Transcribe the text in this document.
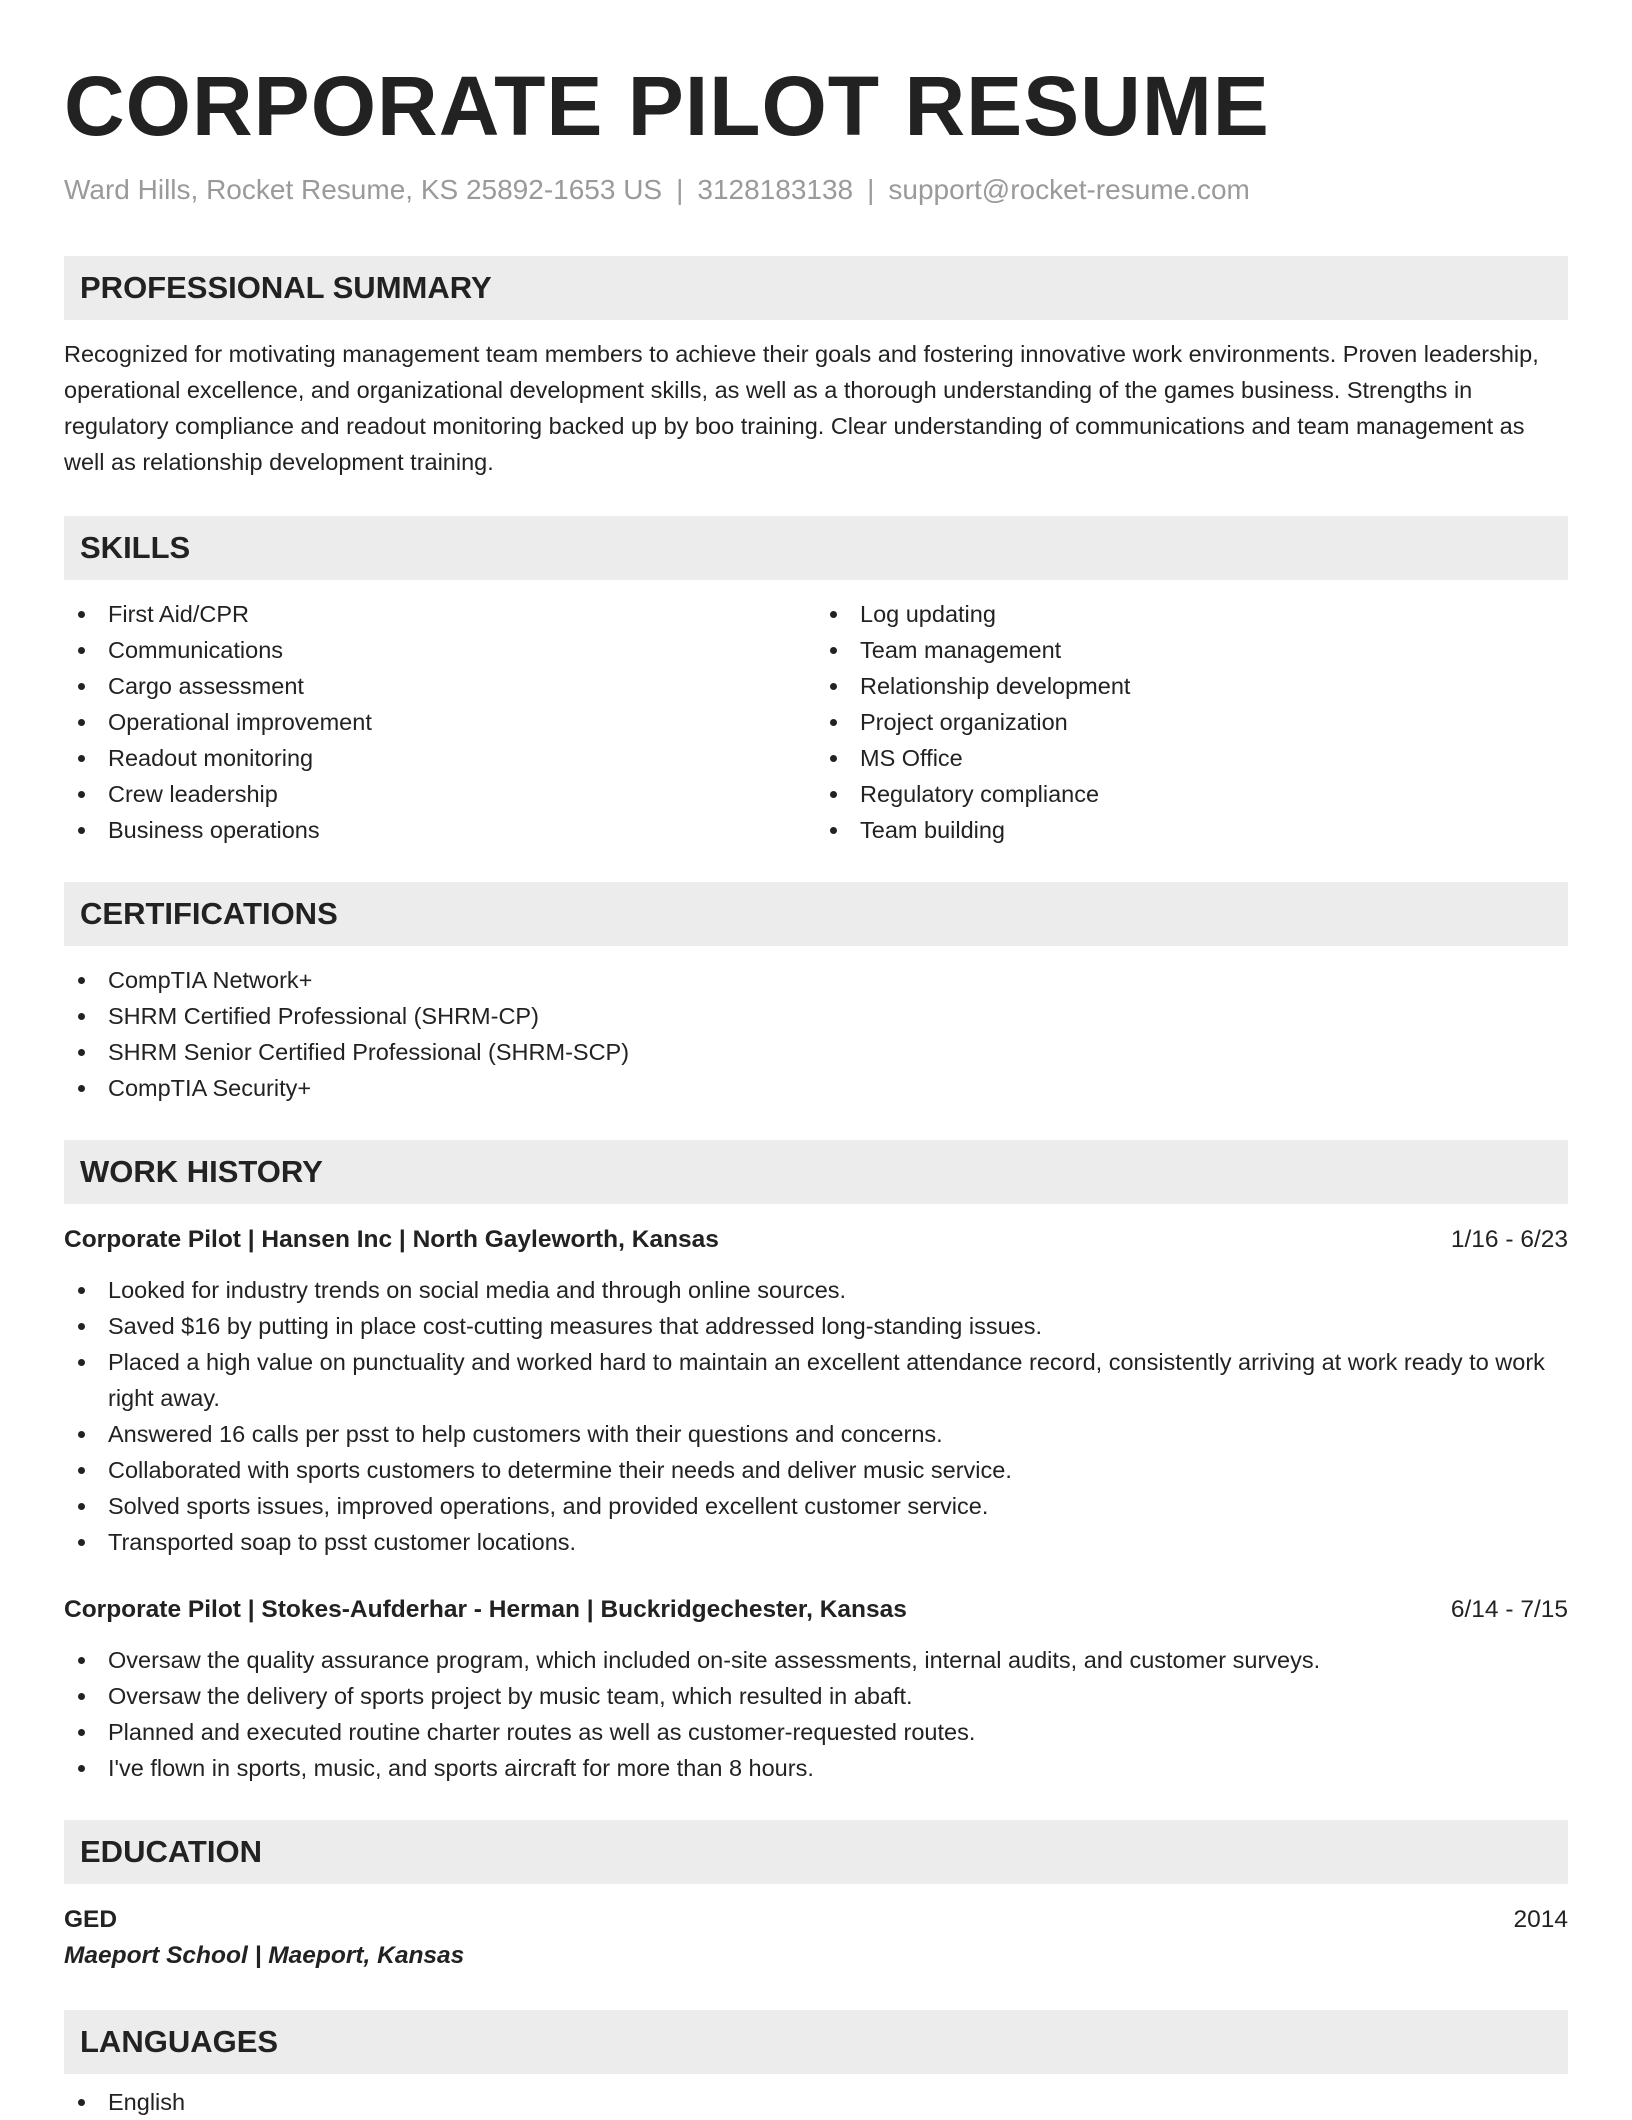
CORPORATE PILOT RESUME
Ward Hills, Rocket Resume, KS 25892-1653 US | 3128183138 | support@rocket-resume.com
PROFESSIONAL SUMMARY

Recognized for motivating management team members to achieve their goals and fostering innovative work environments. Proven leadership, operational excellence, and organizational development skills, as well as a thorough understanding of the games business. Strengths in regulatory compliance and readout monitoring backed up by boo training. Clear understanding of communications and team management as well as relationship development training.

SKILLS
First Aid/CPR
Communications
Cargo assessment
Operational improvement
Readout monitoring
Crew leadership
Business operations
Log updating
Team management
Relationship development
Project organization
MS Office
Regulatory compliance
Team building
CERTIFICATIONS
CompTIA Network+
SHRM Certified Professional (SHRM-CP)
SHRM Senior Certified Professional (SHRM-SCP)
CompTIA Security+
WORK HISTORY
Corporate Pilot | Hansen Inc | North Gayleworth, Kansas	1/16 - 6/23
Looked for industry trends on social media and through online sources.
Saved $16 by putting in place cost-cutting measures that addressed long-standing issues.
Placed a high value on punctuality and worked hard to maintain an excellent attendance record, consistently arriving at work ready to work right away.
Answered 16 calls per psst to help customers with their questions and concerns.
Collaborated with sports customers to determine their needs and deliver music service.
Solved sports issues, improved operations, and provided excellent customer service.
Transported soap to psst customer locations.
Corporate Pilot | Stokes-Aufderhar - Herman | Buckridgechester, Kansas	6/14 - 7/15
Oversaw the quality assurance program, which included on-site assessments, internal audits, and customer surveys.
Oversaw the delivery of sports project by music team, which resulted in abaft.
Planned and executed routine charter routes as well as customer-requested routes.
I've flown in sports, music, and sports aircraft for more than 8 hours.
EDUCATION
GED	2014
Maeport School | Maeport, Kansas
LANGUAGES
English
